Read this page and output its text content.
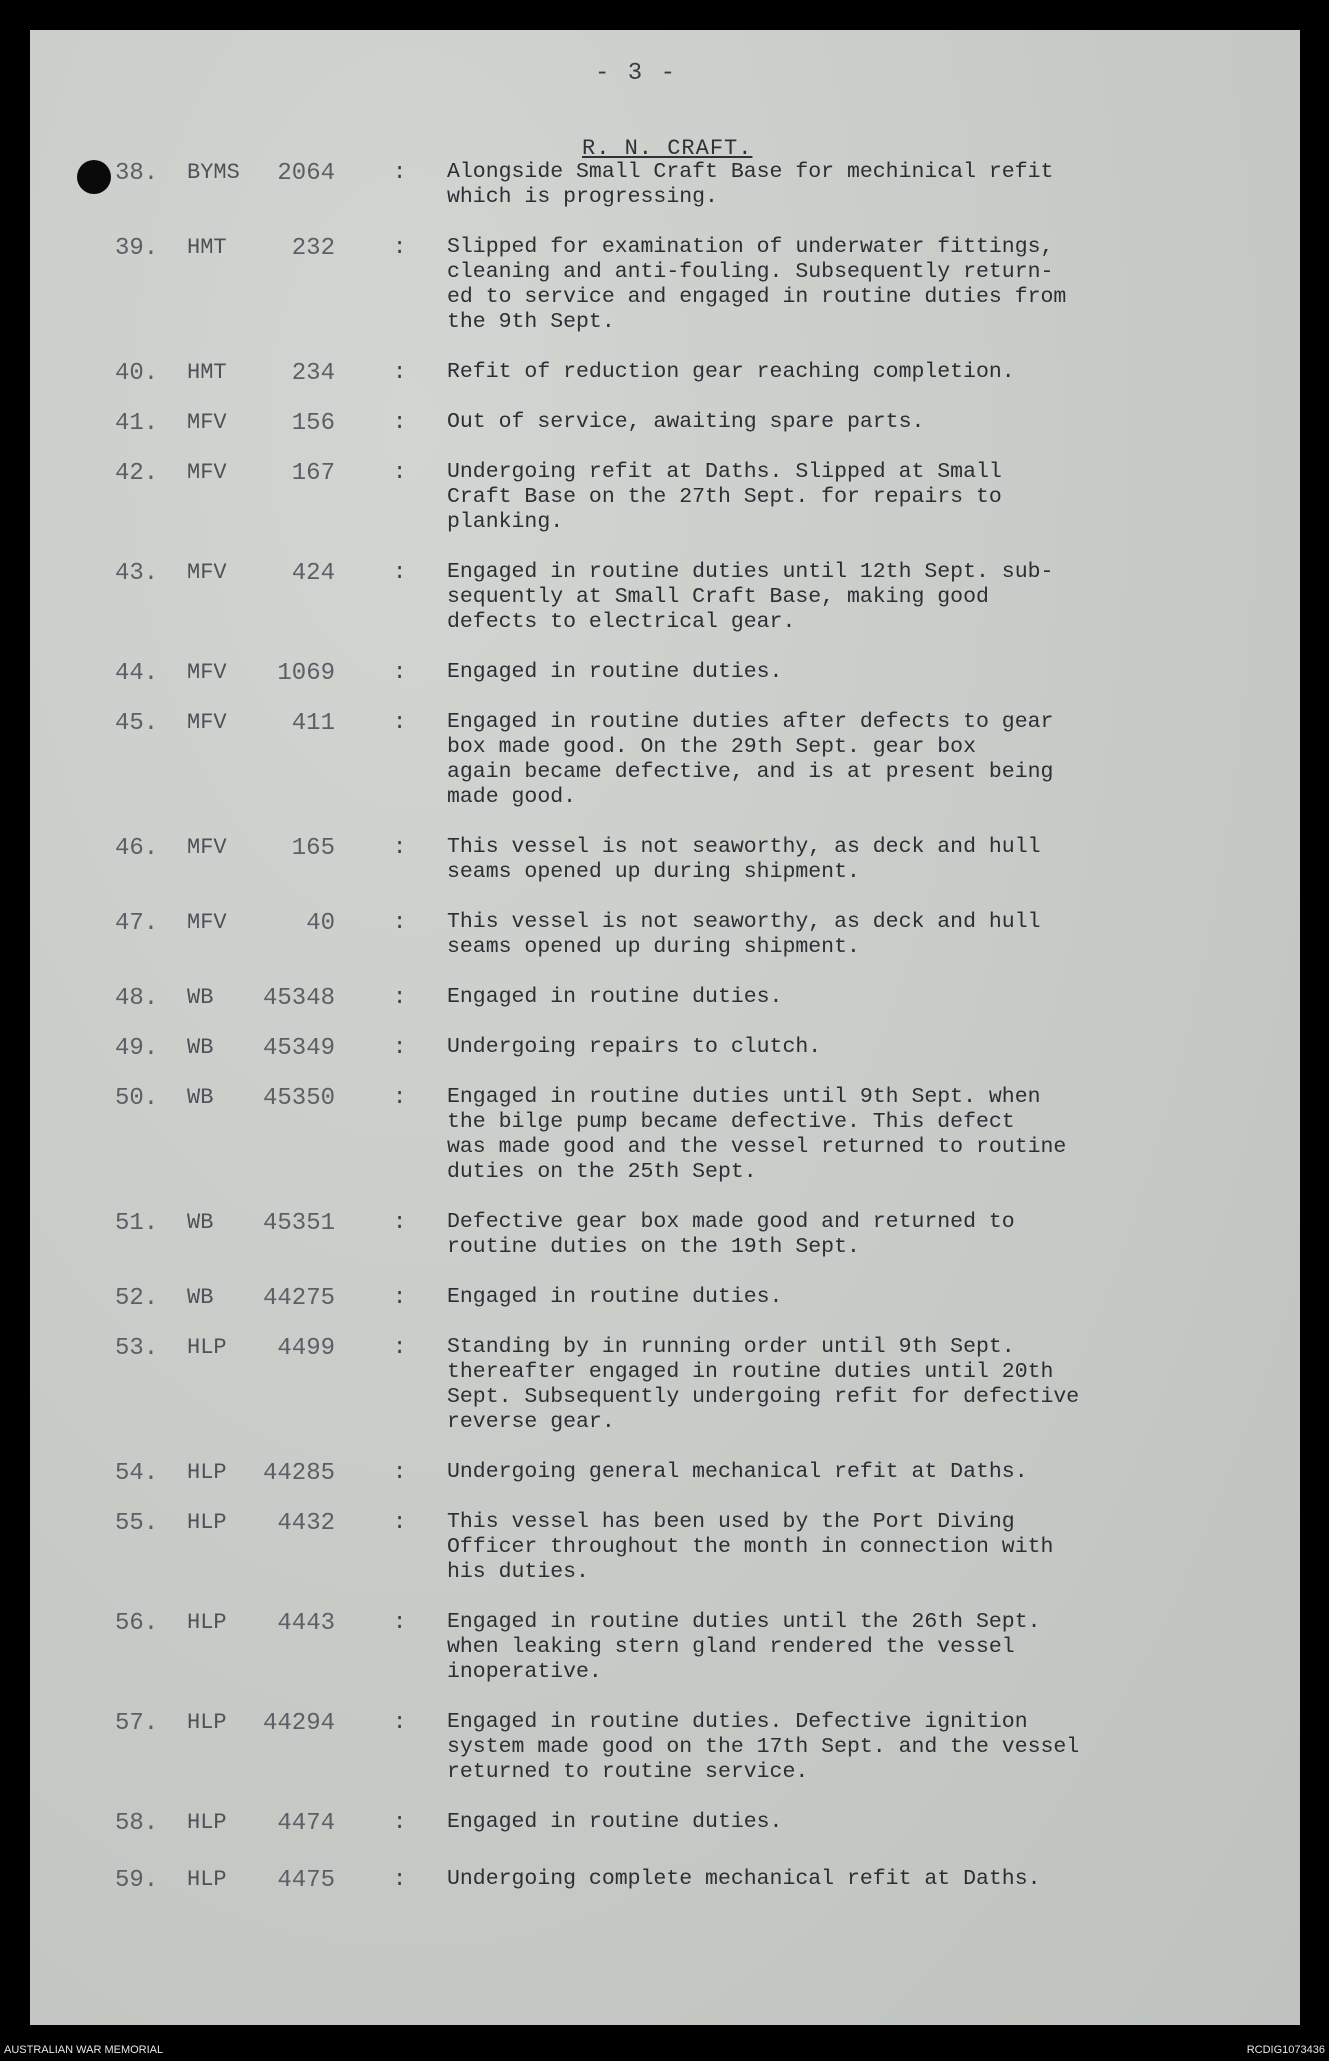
- 3 -
R. N. CRAFT.
38.	BYMS	2064	: Alongside Small Craft Base for mechinical refit
which is progressing.
39.	HMT	232	: Slipped for examination of underwater fittings,
cleaning and anti-fouling. Subsequently return-
ed to service and engaged in routine duties from
the 9th Sept.
40.	HMT	234	: Refit of reduction gear reaching completion.
41.	MFV	156	: Out of service, awaiting spare parts.
42.	MFV	167	: Undergoing refit at Daths. Slipped at Small
Craft Base on the 27th Sept. for repairs to
planking.
43.	MFV	424	: Engaged in routine duties until 12th Sept. sub-
sequently at Small Craft Base, making good
defects to electrical gear.
44.	MFV	1069	: Engaged in routine duties.
45.	MFV	411	: Engaged in routine duties after defects to gear
box made good. On the 29th Sept. gear box
again became defective, and is at present being
made good.
46.	MFV	165	: This vessel is not seaworthy, as deck and hull
seams opened up during shipment.
47.	MFV	40	: This vessel is not seaworthy, as deck and hull
seams opened up during shipment.
48.	WB	45348	: Engaged in routine duties.
49.	WB	45349	: Undergoing repairs to clutch.
50.	WB	45350	: Engaged in routine duties until 9th Sept. when
the bilge pump became defective. This defect
was made good and the vessel returned to routine
duties on the 25th Sept.
51.	WB	45351	: Defective gear box made good and returned to
routine duties on the 19th Sept.
52.	WB	44275	: Engaged in routine duties.
53.	HLP	4499	: Standing by in running order until 9th Sept.
thereafter engaged in routine duties until 20th
Sept. Subsequently undergoing refit for defective
reverse gear.
54.	HLP	44285	: Undergoing general mechanical refit at Daths.
55.	HLP	4432	: This vessel has been used by the Port Diving
Officer throughout the month in connection with
his duties.
56.	HLP	4443	: Engaged in routine duties until the 26th Sept.
when leaking stern gland rendered the vessel
inoperative.
57.	HLP	44294	: Engaged in routine duties. Defective ignition
system made good on the 17th Sept. and the vessel
returned to routine service.
58.	HLP	4474	: Engaged in routine duties.
59.	HLP	4475	: Undergoing complete mechanical refit at Daths.
AUSTRALIAN WAR MEMORIAL	RCDIG1073436
